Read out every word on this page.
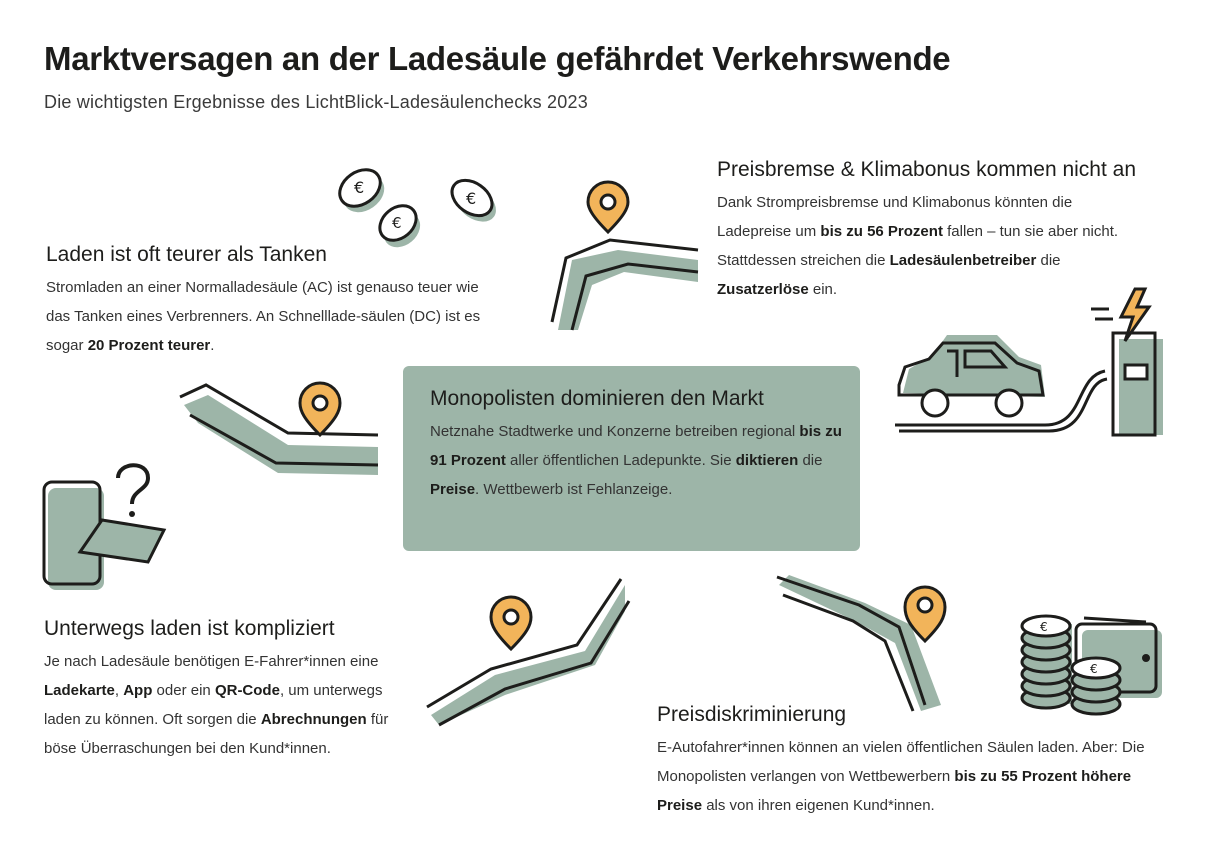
Marktversagen an der Ladesäule gefährdet Verkehrswende
Die wichtigsten Ergebnisse des LichtBlick-Ladesäulenchecks 2023
Laden ist oft teurer als Tanken
Stromladen an einer Normalladesäule (AC) ist genauso teuer wie das Tanken eines Verbrenners. An Schnelllade-säulen (DC) ist es sogar 20 Prozent teurer.
Preisbremse & Klimabonus kommen nicht an
Dank Strompreisbremse und Klimabonus könnten die Ladepreise um bis zu 56 Prozent fallen – tun sie aber nicht. Stattdessen streichen die Ladesäulenbetreiber die Zusatzerlöse ein.
Monopolisten dominieren den Markt
Netznahe Stadtwerke und Konzerne betreiben regional bis zu 91 Prozent aller öffentlichen Ladepunkte. Sie diktieren die Preise. Wettbewerb ist Fehlanzeige.
Unterwegs laden ist kompliziert
Je nach Ladesäule benötigen E-Fahrer*innen eine Ladekarte, App oder ein QR-Code, um unterwegs laden zu können. Oft sorgen die Abrechnungen für böse Überraschungen bei den Kund*innen.
Preisdiskriminierung
E-Autofahrer*innen können an vielen öffentlichen Säulen laden. Aber: Die Monopolisten verlangen von Wettbewerbern bis zu 55 Prozent höhere Preise als von ihren eigenen Kund*innen.
€
€
€
€
€
